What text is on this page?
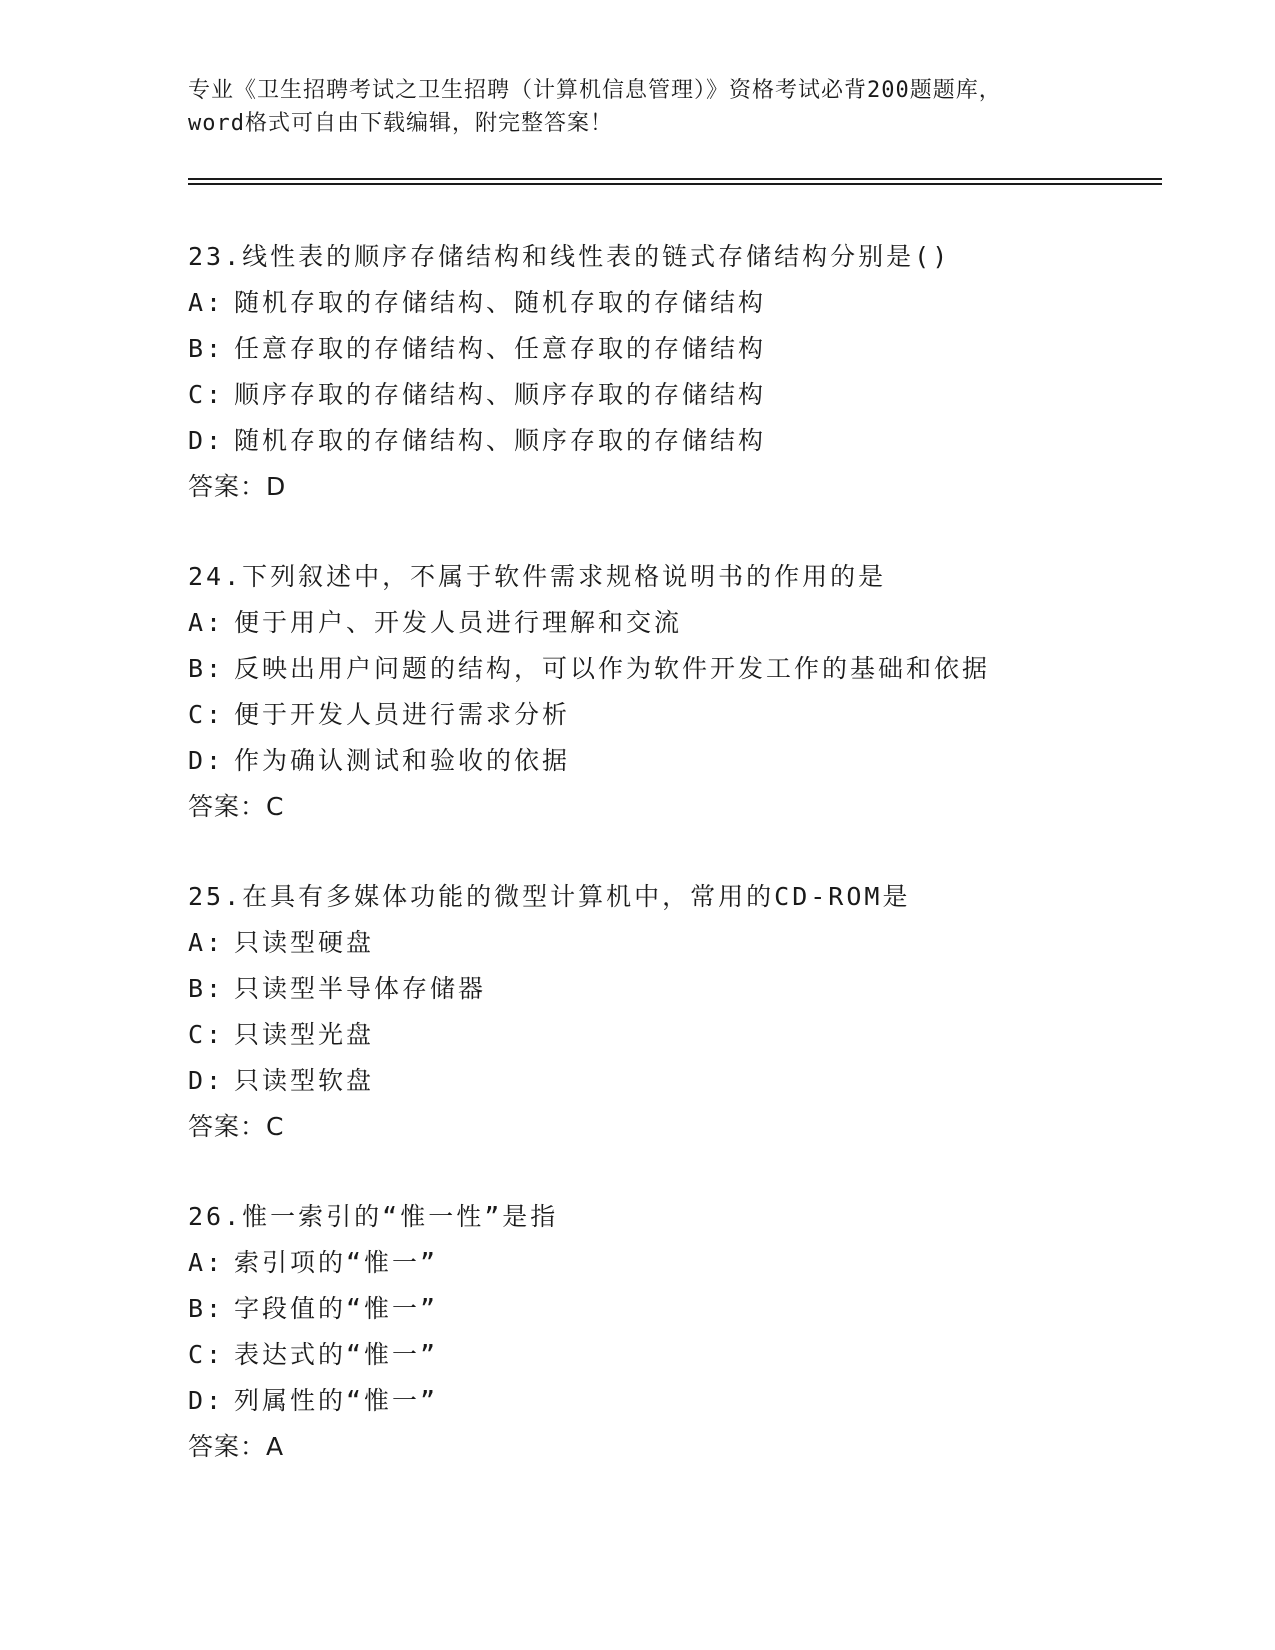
专业《卫生招聘考试之卫生招聘（计算机信息管理）》资格考试必背200题题库，
word格式可自由下载编辑，附完整答案！
23.线性表的顺序存储结构和线性表的链式存储结构分别是()
A: 随机存取的存储结构、随机存取的存储结构
B: 任意存取的存储结构、任意存取的存储结构
C: 顺序存取的存储结构、顺序存取的存储结构
D: 随机存取的存储结构、顺序存取的存储结构
答案：D
24.下列叙述中，不属于软件需求规格说明书的作用的是
A: 便于用户、开发人员进行理解和交流
B: 反映出用户问题的结构，可以作为软件开发工作的基础和依据
C: 便于开发人员进行需求分析
D: 作为确认测试和验收的依据
答案：C
25.在具有多媒体功能的微型计算机中，常用的CD-ROM是
A: 只读型硬盘
B: 只读型半导体存储器
C: 只读型光盘
D: 只读型软盘
答案：C
26.惟一索引的“惟一性”是指
A: 索引项的“惟一”
B: 字段值的“惟一”
C: 表达式的“惟一”
D: 列属性的“惟一”
答案：A
